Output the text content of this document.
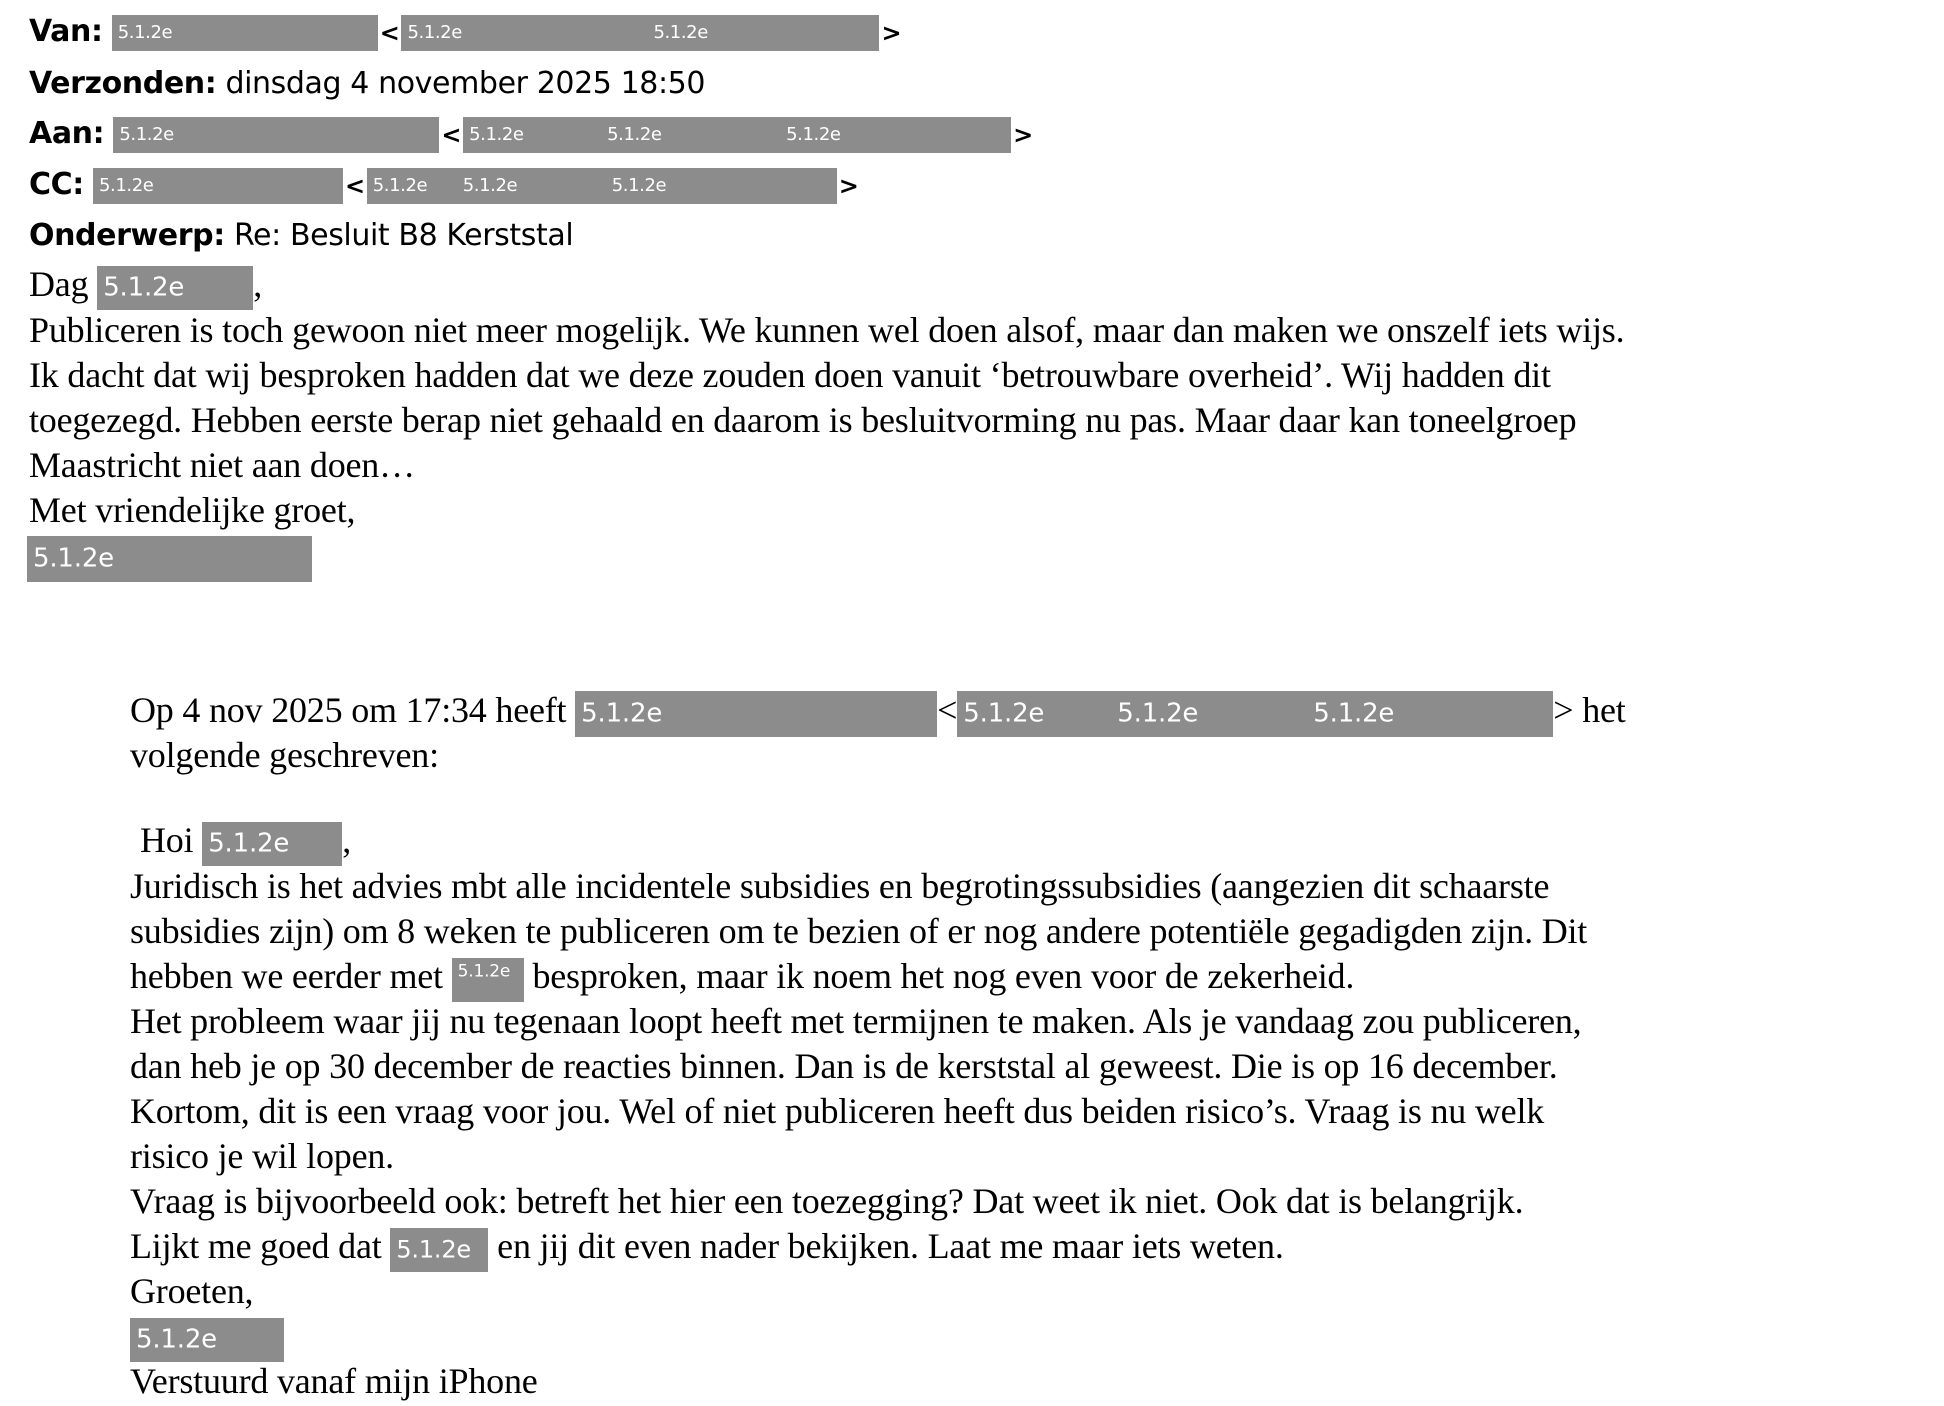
Van: 5.1.2e	< 5.1.2e	5.1.2e	>
Verzonden: dinsdag 4 november 2025 18:50
Aan: 5.1.2e	< 5.1.2e	5.1.2e	5.1.2e	>
CC: 5.1.2e	< 5.1.2e 5.1.2e	5.1.2e	>
Onderwerp: Re: Besluit B8 Kerststal
Dag 5.1.2e ,
Publiceren is toch gewoon niet meer mogelijk. We kunnen wel doen alsof, maar dan maken we onszelf iets wijs.
Ik dacht dat wij besproken hadden dat we deze zouden doen vanuit ‘betrouwbare overheid’. Wij hadden dit
toegezegd. Hebben eerste berap niet gehaald en daarom is besluitvorming nu pas. Maar daar kan toneelgroep
Maastricht niet aan doen…
Met vriendelijke groet,
5.1.2e
Op 4 nov 2025 om 17:34 heeft 5.1.2e	< 5.1.2e	5.1.2e	5.1.2e	> het
volgende geschreven:
Hoi 5.1.2e ,
Juridisch is het advies mbt alle incidentele subsidies en begrotingssubsidies (aangezien dit schaarste
subsidies zijn) om 8 weken te publiceren om te bezien of er nog andere potentiële gegadigden zijn. Dit
hebben we eerder met 5.1.2e besproken, maar ik noem het nog even voor de zekerheid.
Het probleem waar jij nu tegenaan loopt heeft met termijnen te maken. Als je vandaag zou publiceren,
dan heb je op 30 december de reacties binnen. Dan is de kerststal al geweest. Die is op 16 december.
Kortom, dit is een vraag voor jou. Wel of niet publiceren heeft dus beiden risico’s. Vraag is nu welk
risico je wil lopen.
Vraag is bijvoorbeeld ook: betreft het hier een toezegging? Dat weet ik niet. Ook dat is belangrijk.
Lijkt me goed dat 5.1.2e en jij dit even nader bekijken. Laat me maar iets weten.
Groeten,
5.1.2e
Verstuurd vanaf mijn iPhone
